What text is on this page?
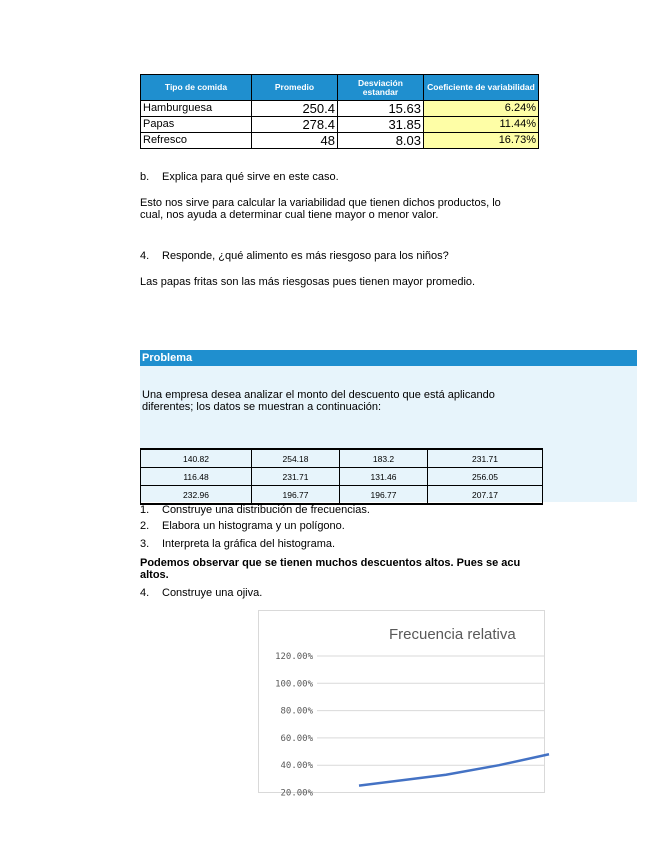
Tipo de comida	Promedio	Desviación estandar	Coeficiente de variabilidad
Hamburguesa	250.4	15.63	6.24%
Papas	278.4	31.85	11.44%
Refresco	48	8.03	16.73%
b. Explica para qué sirve en este caso.
Esto nos sirve para calcular la variabilidad que tienen dichos productos, lo
cual, nos ayuda a determinar cual tiene mayor o menor valor.
4. Responde, ¿qué alimento es más riesgoso para los niños?
Las papas fritas son las más riesgosas pues tienen mayor promedio.
Problema
Una empresa desea analizar el monto del descuento que está aplicando
diferentes; los datos se muestran a continuación:
140.82	254.18	183.2	231.71
116.48	231.71	131.46	256.05
232.96	196.77	196.77	207.17
1. Construye una distribución de frecuencias.
2. Elabora un histograma y un polígono.
3. Interpreta la gráfica del histograma.
Podemos observar que se tienen muchos descuentos altos. Pues se acu
altos.
4. Construye una ojiva.
Frecuencia relativa
120.00%
100.00%
80.00%
60.00%
40.00%
20.00%
